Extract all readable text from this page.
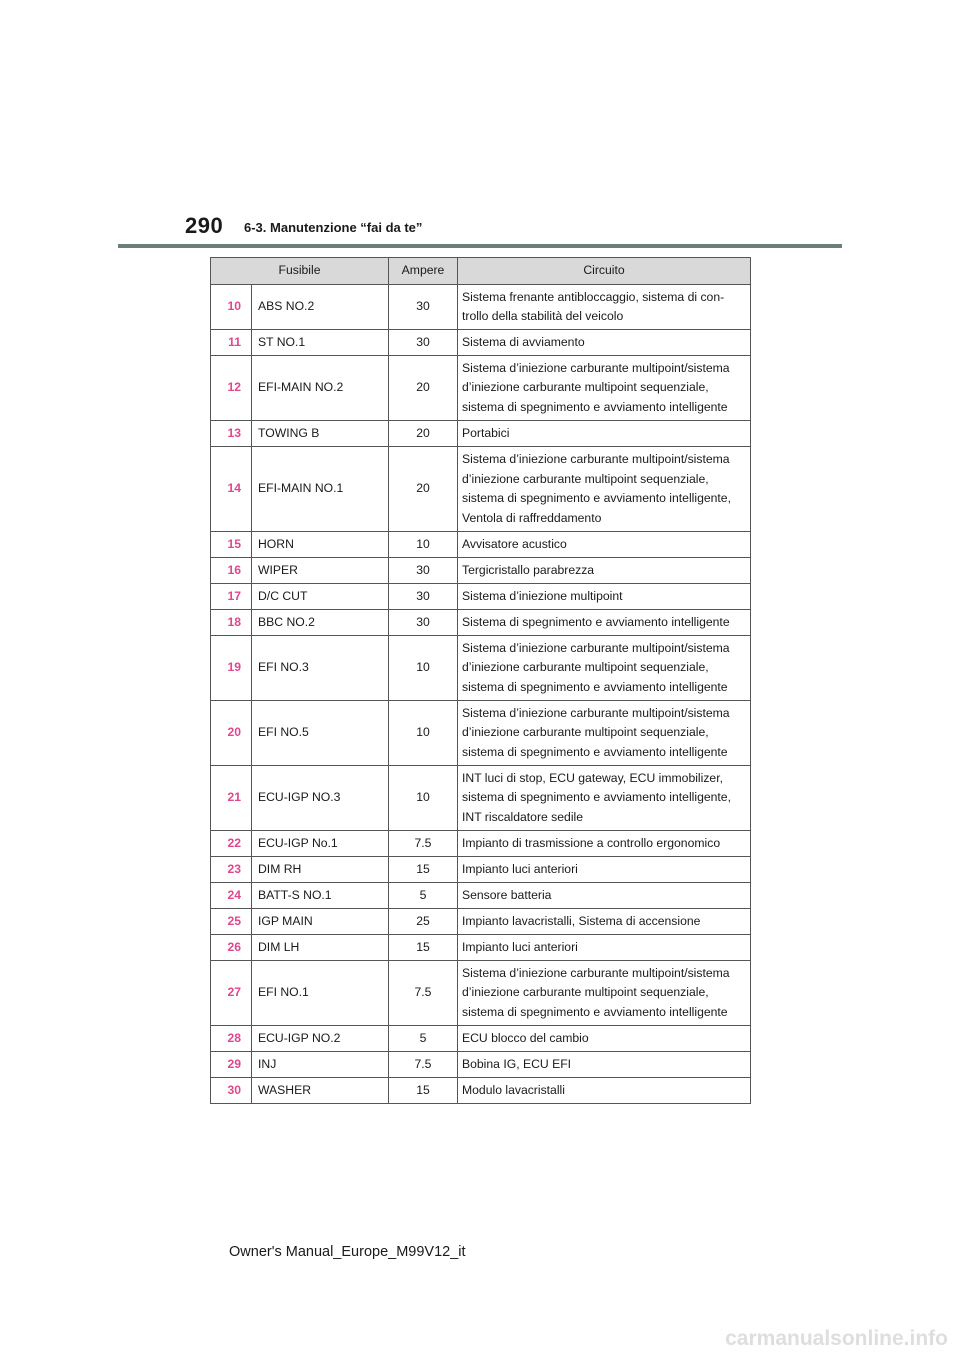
290 6-3. Manutenzione “fai da te”
Fusibile		Ampere	Circuito
10	ABS NO.2	30	Sistema frenante antibloccaggio, sistema di con-trollo della stabilità del veicolo
11	ST NO.1	30	Sistema di avviamento
12	EFI-MAIN NO.2	20	Sistema d’iniezione carburante multipoint/sistema d’iniezione carburante multipoint sequenziale, sistema di spegnimento e avviamento intelligente
13	TOWING B	20	Portabici
14	EFI-MAIN NO.1	20	Sistema d’iniezione carburante multipoint/sistema d’iniezione carburante multipoint sequenziale, sistema di spegnimento e avviamento intelligente, Ventola di raffreddamento
15	HORN	10	Avvisatore acustico
16	WIPER	30	Tergicristallo parabrezza
17	D/C CUT	30	Sistema d’iniezione multipoint
18	BBC NO.2	30	Sistema di spegnimento e avviamento intelligente
19	EFI NO.3	10	Sistema d’iniezione carburante multipoint/sistema d’iniezione carburante multipoint sequenziale, sistema di spegnimento e avviamento intelligente
20	EFI NO.5	10	Sistema d’iniezione carburante multipoint/sistema d’iniezione carburante multipoint sequenziale, sistema di spegnimento e avviamento intelligente
21	ECU-IGP NO.3	10	INT luci di stop, ECU gateway, ECU immobilizer, sistema di spegnimento e avviamento intelligente, INT riscaldatore sedile
22	ECU-IGP No.1	7.5	Impianto di trasmissione a controllo ergonomico
23	DIM RH	15	Impianto luci anteriori
24	BATT-S NO.1	5	Sensore batteria
25	IGP MAIN	25	Impianto lavacristalli, Sistema di accensione
26	DIM LH	15	Impianto luci anteriori
27	EFI NO.1	7.5	Sistema d’iniezione carburante multipoint/sistema d’iniezione carburante multipoint sequenziale, sistema di spegnimento e avviamento intelligente
28	ECU-IGP NO.2	5	ECU blocco del cambio
29	INJ	7.5	Bobina IG, ECU EFI
30	WASHER	15	Modulo lavacristalli
Owner's Manual_Europe_M99V12_it
carmanualsonline.info
